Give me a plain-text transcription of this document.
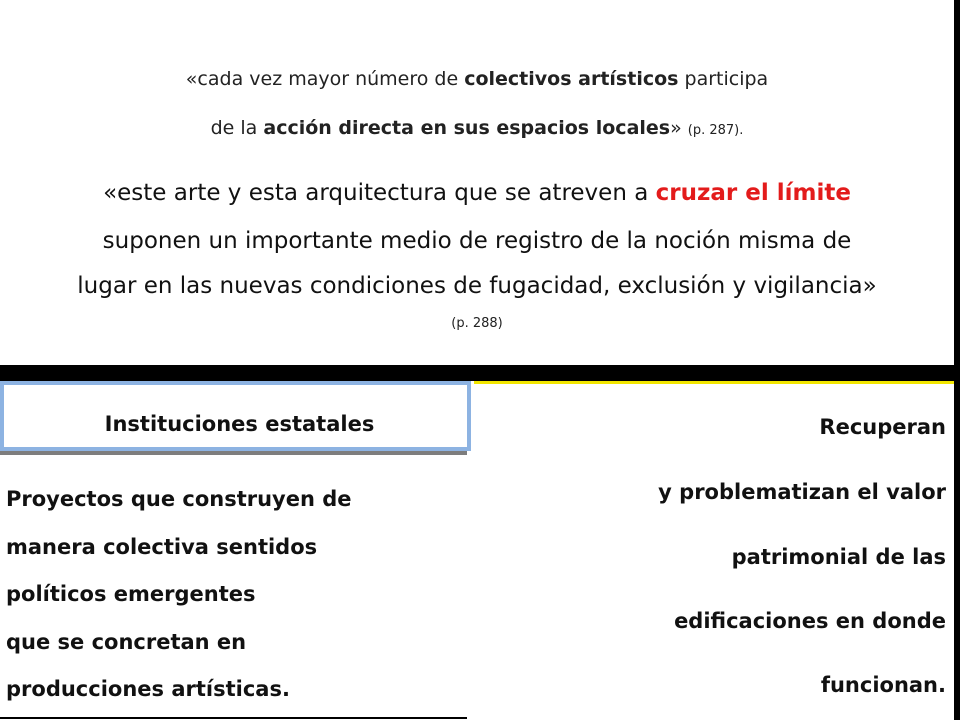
«cada vez mayor número de colectivos artísticos participa
de la acción directa en sus espacios locales» (p. 287).
«este arte y esta arquitectura que se atreven a cruzar el límite
suponen un importante medio de registro de la noción misma de
lugar en las nuevas condiciones de fugacidad, exclusión y vigilancia»
(p. 288)
Instituciones estatales
Proyectos que construyen de
manera colectiva sentidos
políticos emergentes
que se concretan en
producciones artísticas.
Recuperan
y problematizan el valor
patrimonial de las
edificaciones en donde
funcionan.
